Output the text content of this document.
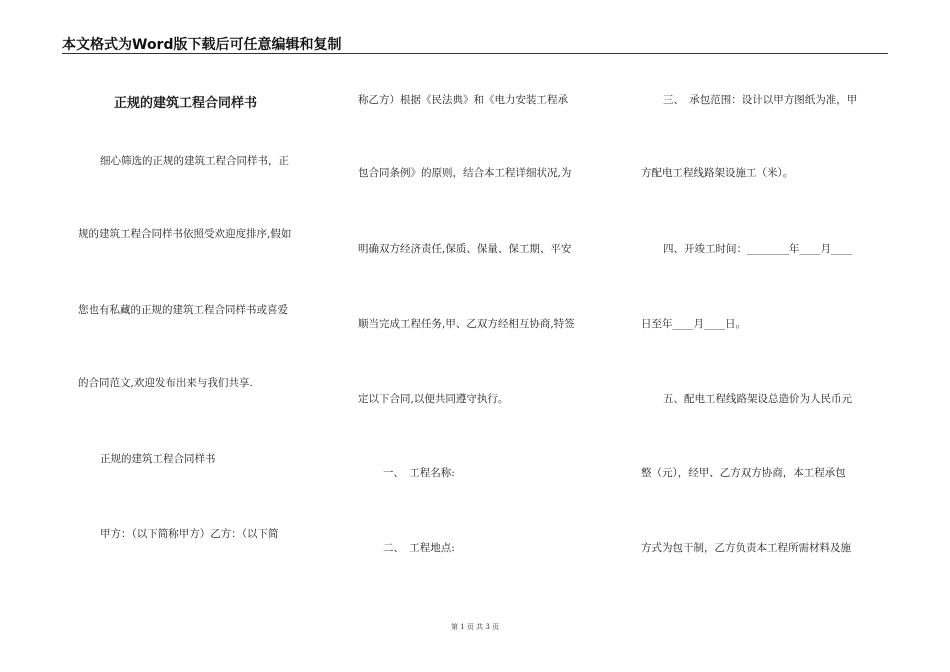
本文格式为Word版下载后可任意编辑和复制
正规的建筑工程合同样书
细心筛选的正规的建筑工程合同样书，正
规的建筑工程合同样书依照受欢迎度排序,假如
您也有私藏的正规的建筑工程合同样书或喜爱
的合同范文,欢迎发布出来与我们共享.
正规的建筑工程合同样书
甲方：（以下简称甲方）乙方：（以下简
称乙方）根据《民法典》和《电力安装工程承
包合同条例》的原则，结合本工程详细状况,为
明确双方经济责任,保质、保量、保工期、平安
顺当完成工程任务,甲、乙双方经相互协商,特签
定以下合同,以便共同遵守执行。
一、　工程名称:
二、　工程地点:
三、　承包范围：设计以甲方图纸为准，甲
方配电工程线路架设施工（米）。
四、开竣工时间：________年____月____
日至年____月____日。
五、配电工程线路架设总造价为人民币元
整（元），经甲、乙方双方协商，本工程承包
方式为包干制，乙方负责本工程所需材料及施
第 1 页 共 3 页
